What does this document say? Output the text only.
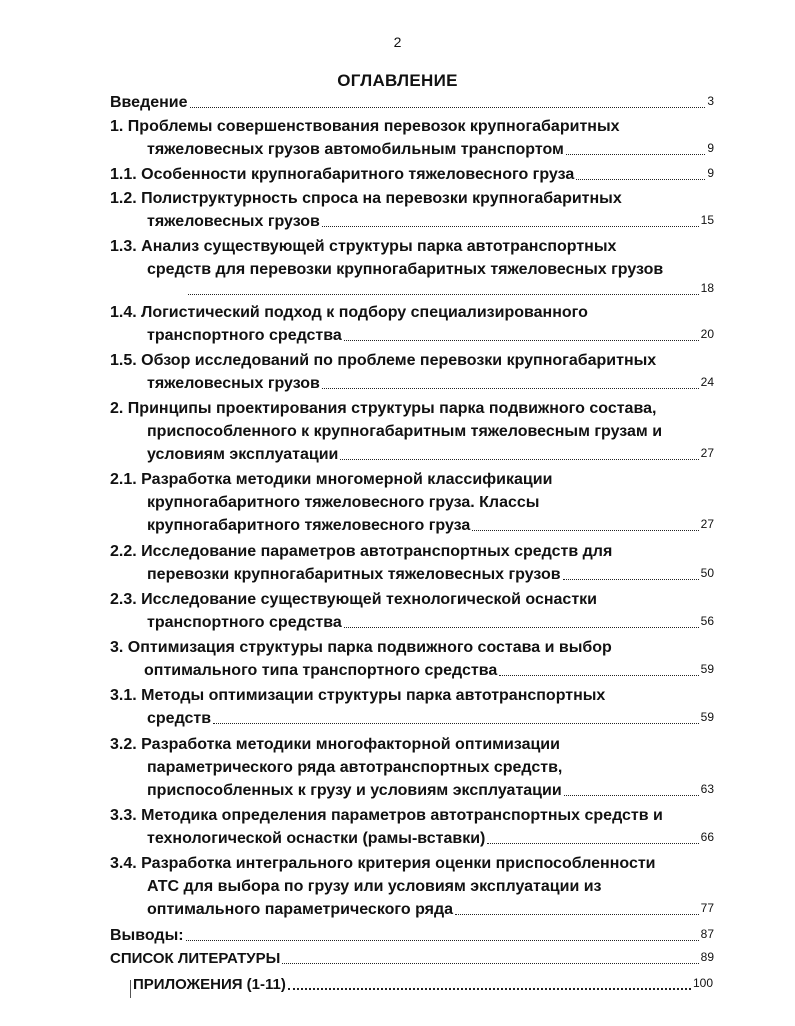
2
ОГЛАВЛЕНИЕ
Введение	3
1. Проблемы совершенствования перевозок крупногабаритных
тяжеловесных грузов автомобильным транспортом	9
1.1. Особенности крупногабаритного тяжеловесного груза	9
1.2. Полиструктурность спроса на перевозки крупногабаритных
тяжеловесных грузов	15
1.3. Анализ существующей структуры парка автотранспортных
средств для перевозки крупногабаритных тяжеловесных грузов
18
1.4. Логистический подход к подбору специализированного
транспортного средства	20
1.5. Обзор исследований по проблеме перевозки крупногабаритных
тяжеловесных грузов	24
2. Принципы проектирования структуры парка подвижного состава,
приспособленного к крупногабаритным тяжеловесным грузам и
условиям эксплуатации	27
2.1. Разработка методики многомерной классификации
крупногабаритного тяжеловесного груза. Классы
крупногабаритного тяжеловесного груза	27
2.2. Исследование параметров автотранспортных средств для
перевозки крупногабаритных тяжеловесных грузов	50
2.3. Исследование существующей технологической оснастки
транспортного средства	56
3. Оптимизация структуры парка подвижного состава и выбор
оптимального типа транспортного средства	59
3.1. Методы оптимизации структуры парка автотранспортных
средств	59
3.2. Разработка методики многофакторной оптимизации
параметрического ряда автотранспортных средств,
приспособленных к грузу и условиям эксплуатации	63
3.3. Методика определения параметров автотранспортных средств и
технологической оснастки (рамы-вставки)	66
3.4. Разработка интегрального критерия оценки приспособленности
АТС для выбора по грузу или условиям эксплуатации из
оптимального параметрического ряда	77
Выводы:	87
СПИСОК ЛИТЕРАТУРЫ	89
ПРИЛОЖЕНИЯ (1-11)	100
